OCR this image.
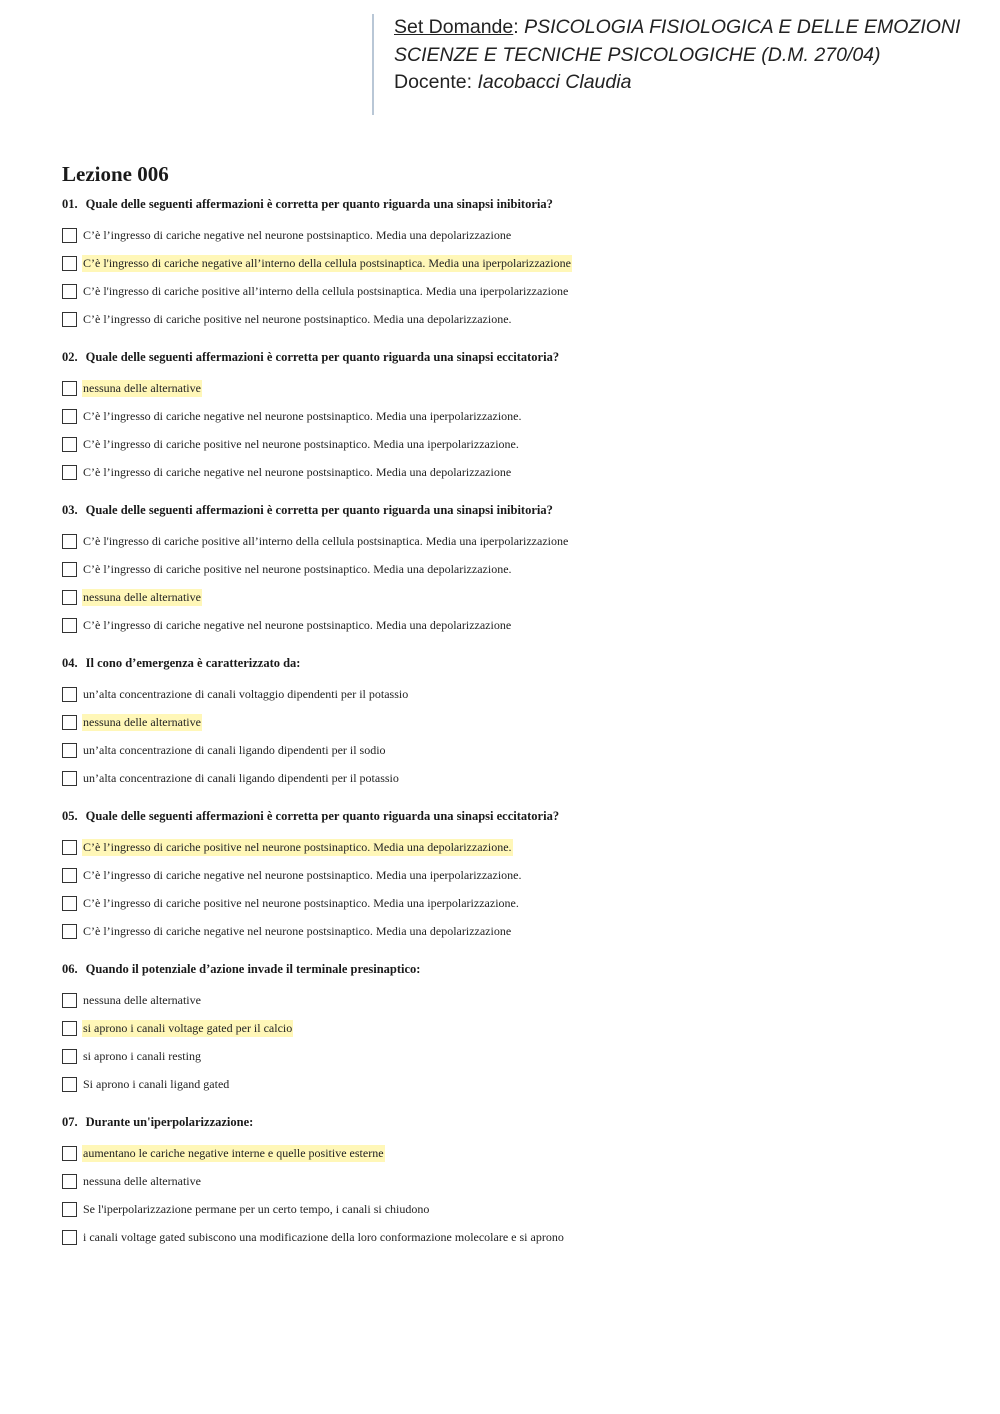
Set Domande: PSICOLOGIA FISIOLOGICA E DELLE EMOZIONI
SCIENZE E TECNICHE PSICOLOGICHE (D.M. 270/04)
Docente: Iacobacci Claudia
Lezione 006
01. Quale delle seguenti affermazioni è corretta per quanto riguarda una sinapsi inibitoria?
C’è l’ingresso di cariche negative nel neurone postsinaptico. Media una depolarizzazione
C’è l'ingresso di cariche negative all’interno della cellula postsinaptica. Media una iperpolarizzazione
C’è l'ingresso di cariche positive all’interno della cellula postsinaptica. Media una iperpolarizzazione
C’è l’ingresso di cariche positive nel neurone postsinaptico. Media una depolarizzazione.
02. Quale delle seguenti affermazioni è corretta per quanto riguarda una sinapsi eccitatoria?
nessuna delle alternative
C’è l’ingresso di cariche negative nel neurone postsinaptico. Media una iperpolarizzazione.
C’è l’ingresso di cariche positive nel neurone postsinaptico. Media una iperpolarizzazione.
C’è l’ingresso di cariche negative nel neurone postsinaptico. Media una depolarizzazione
03. Quale delle seguenti affermazioni è corretta per quanto riguarda una sinapsi inibitoria?
C’è l'ingresso di cariche positive all’interno della cellula postsinaptica. Media una iperpolarizzazione
C’è l’ingresso di cariche positive nel neurone postsinaptico. Media una depolarizzazione.
nessuna delle alternative
C’è l’ingresso di cariche negative nel neurone postsinaptico. Media una depolarizzazione
04. Il cono d’emergenza è caratterizzato da:
un’alta concentrazione di canali voltaggio dipendenti per il potassio
nessuna delle alternative
un’alta concentrazione di canali ligando dipendenti per il sodio
un’alta concentrazione di canali ligando dipendenti per il potassio
05. Quale delle seguenti affermazioni è corretta per quanto riguarda una sinapsi eccitatoria?
C’è l’ingresso di cariche positive nel neurone postsinaptico. Media una depolarizzazione.
C’è l’ingresso di cariche negative nel neurone postsinaptico. Media una iperpolarizzazione.
C’è l’ingresso di cariche positive nel neurone postsinaptico. Media una iperpolarizzazione.
C’è l’ingresso di cariche negative nel neurone postsinaptico. Media una depolarizzazione
06. Quando il potenziale d’azione invade il terminale presinaptico:
nessuna delle alternative
si aprono i canali voltage gated per il calcio
si aprono i canali resting
Si aprono i canali ligand gated
07. Durante un'iperpolarizzazione:
aumentano le cariche negative interne e quelle positive esterne
nessuna delle alternative
Se l'iperpolarizzazione permane per un certo tempo, i canali si chiudono
i canali voltage gated subiscono una modificazione della loro conformazione molecolare e si aprono
